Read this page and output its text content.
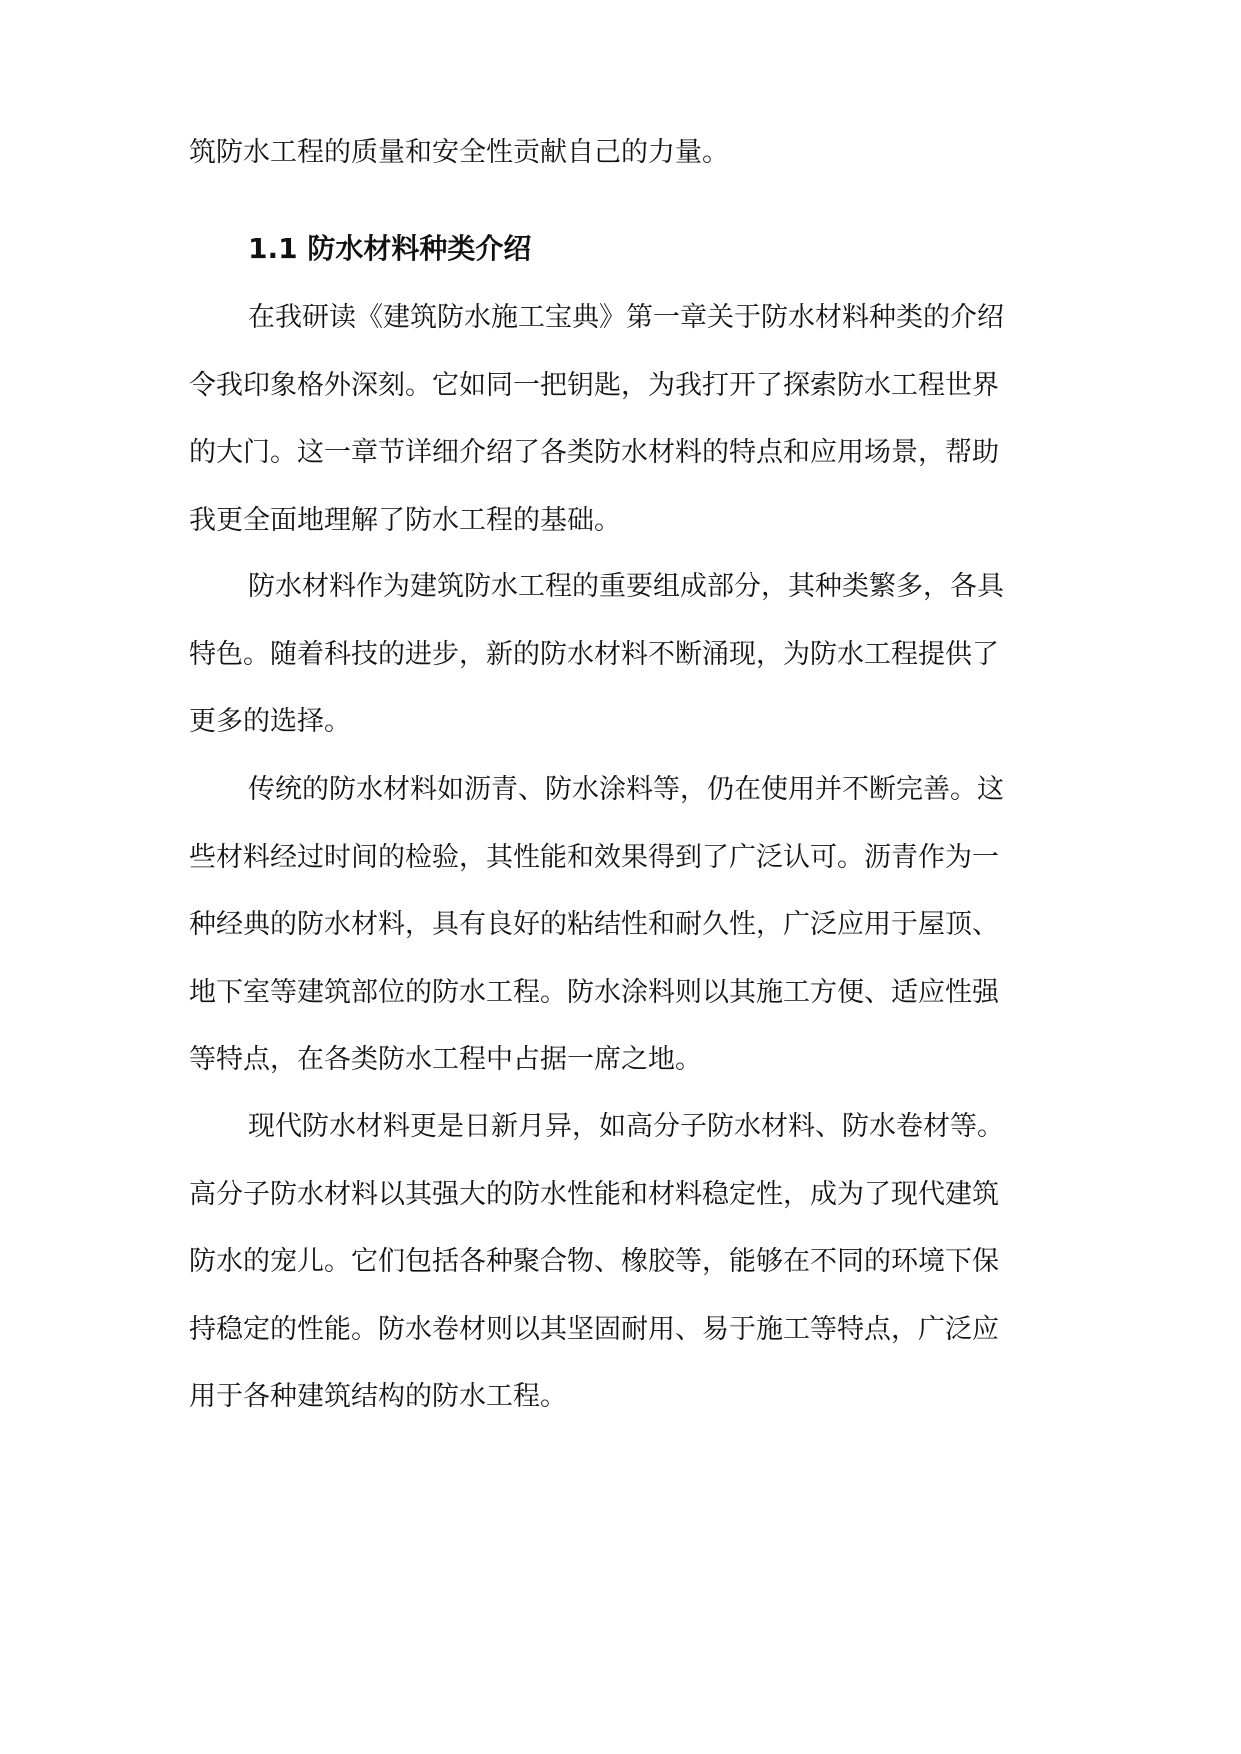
筑防水工程的质量和安全性贡献自己的力量。

1.1 防水材料种类介绍

在我研读《建筑防水施工宝典》第一章关于防水材料种类的介绍

令我印象格外深刻。它如同一把钥匙，为我打开了探索防水工程世界

的大门。这一章节详细介绍了各类防水材料的特点和应用场景，帮助

我更全面地理解了防水工程的基础。

防水材料作为建筑防水工程的重要组成部分，其种类繁多，各具

特色。随着科技的进步，新的防水材料不断涌现，为防水工程提供了

更多的选择。

传统的防水材料如沥青、防水涂料等，仍在使用并不断完善。这

些材料经过时间的检验，其性能和效果得到了广泛认可。沥青作为一

种经典的防水材料，具有良好的粘结性和耐久性，广泛应用于屋顶、

地下室等建筑部位的防水工程。防水涂料则以其施工方便、适应性强

等特点，在各类防水工程中占据一席之地。

现代防水材料更是日新月异，如高分子防水材料、防水卷材等。

高分子防水材料以其强大的防水性能和材料稳定性，成为了现代建筑

防水的宠儿。它们包括各种聚合物、橡胶等，能够在不同的环境下保

持稳定的性能。防水卷材则以其坚固耐用、易于施工等特点，广泛应

用于各种建筑结构的防水工程。
